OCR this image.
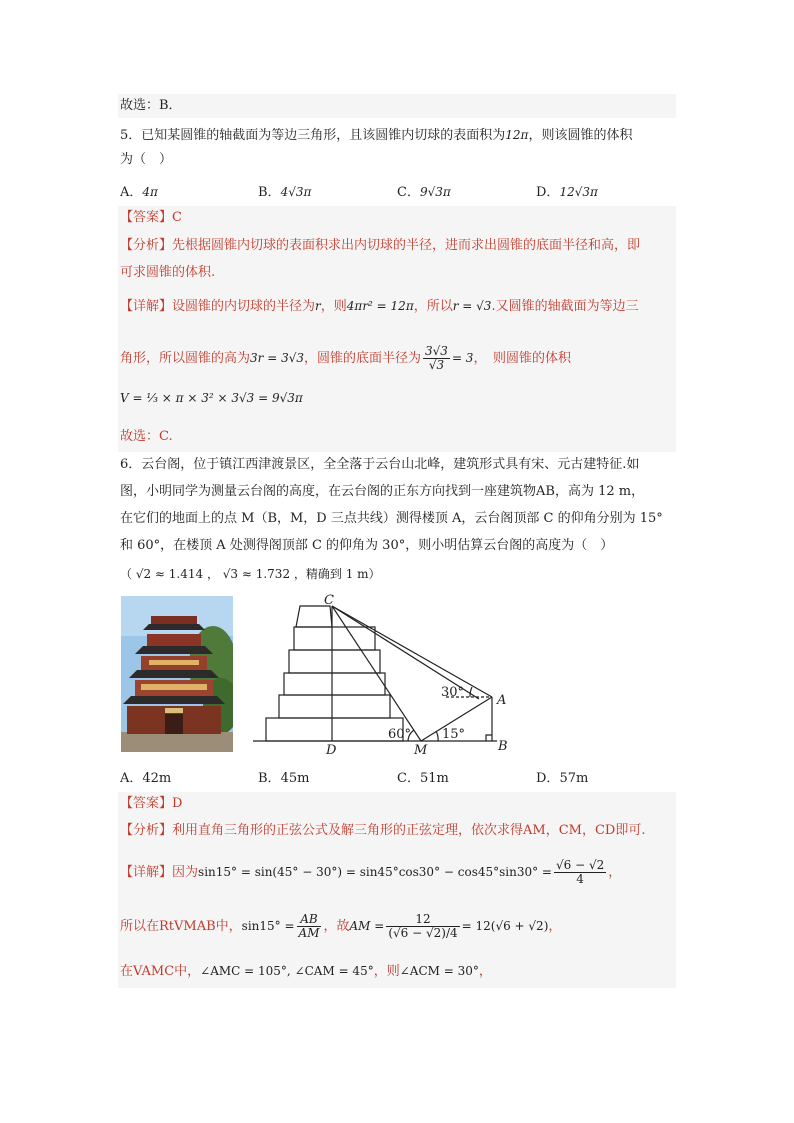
故选：B．
5．已知某圆锥的轴截面为等边三角形，且该圆锥内切球的表面积为12π，则该圆锥的体积
为（　）
A．4π	B．4√3π	C．9√3π	D．12√3π
【答案】C
【分析】先根据圆锥内切球的表面积求出内切球的半径，进而求出圆锥的底面半径和高，即
可求圆锥的体积.
【详解】设圆锥的内切球的半径为r，则4πr² = 12π，所以r = √3.又圆锥的轴截面为等边三
角形，所以圆锥的高为3r = 3√3，圆锥的底面半径为 $\frac{3√3}{√3} = 3$，　则圆锥的体积
V = ⅓ × π × 3² × 3√3 = 9√3π
故选：C.
6．云台阁，位于镇江西津渡景区，全全落于云台山北峰，建筑形式具有宋、元古建特征.如
图，小明同学为测量云台阁的高度，在云台阁的正东方向找到一座建筑物AB，高为 12 m，
在它们的地面上的点 M（B，M，D 三点共线）测得楼顶 A，云台阁顶部 C 的仰角分别为 15°
和 60°，在楼顶 A 处测得阁顶部 C 的仰角为 30°，则小明估算云台阁的高度为（　）
（ √2 ≈ 1.414 ， √3 ≈ 1.732 ，精确到 1 m）
C
A
B
D	M
30°
60° 15°
A．42m	B．45m	C．51m	D．57m
【答案】D
【分析】利用直角三角形的正弦公式及解三角形的正弦定理，依次求得AM，CM，CD即可.
【详解】因为$\sin 15^\circ = \sin(45^\circ - 30^\circ) = \sin 45^\circ\cos 30^\circ - \cos 45^\circ\sin 30^\circ = \frac{√6 - √2}{4}$ ，
所以在RtVMAB中，$\sin 15^\circ = \frac{AB}{AM}$ ，故AM = $\frac{12}{(√6 - √2)/4} = 12(√6 + √2)$，
在VAMC中，∠AMC = 105°, ∠CAM = 45°，则∠ACM = 30°，
